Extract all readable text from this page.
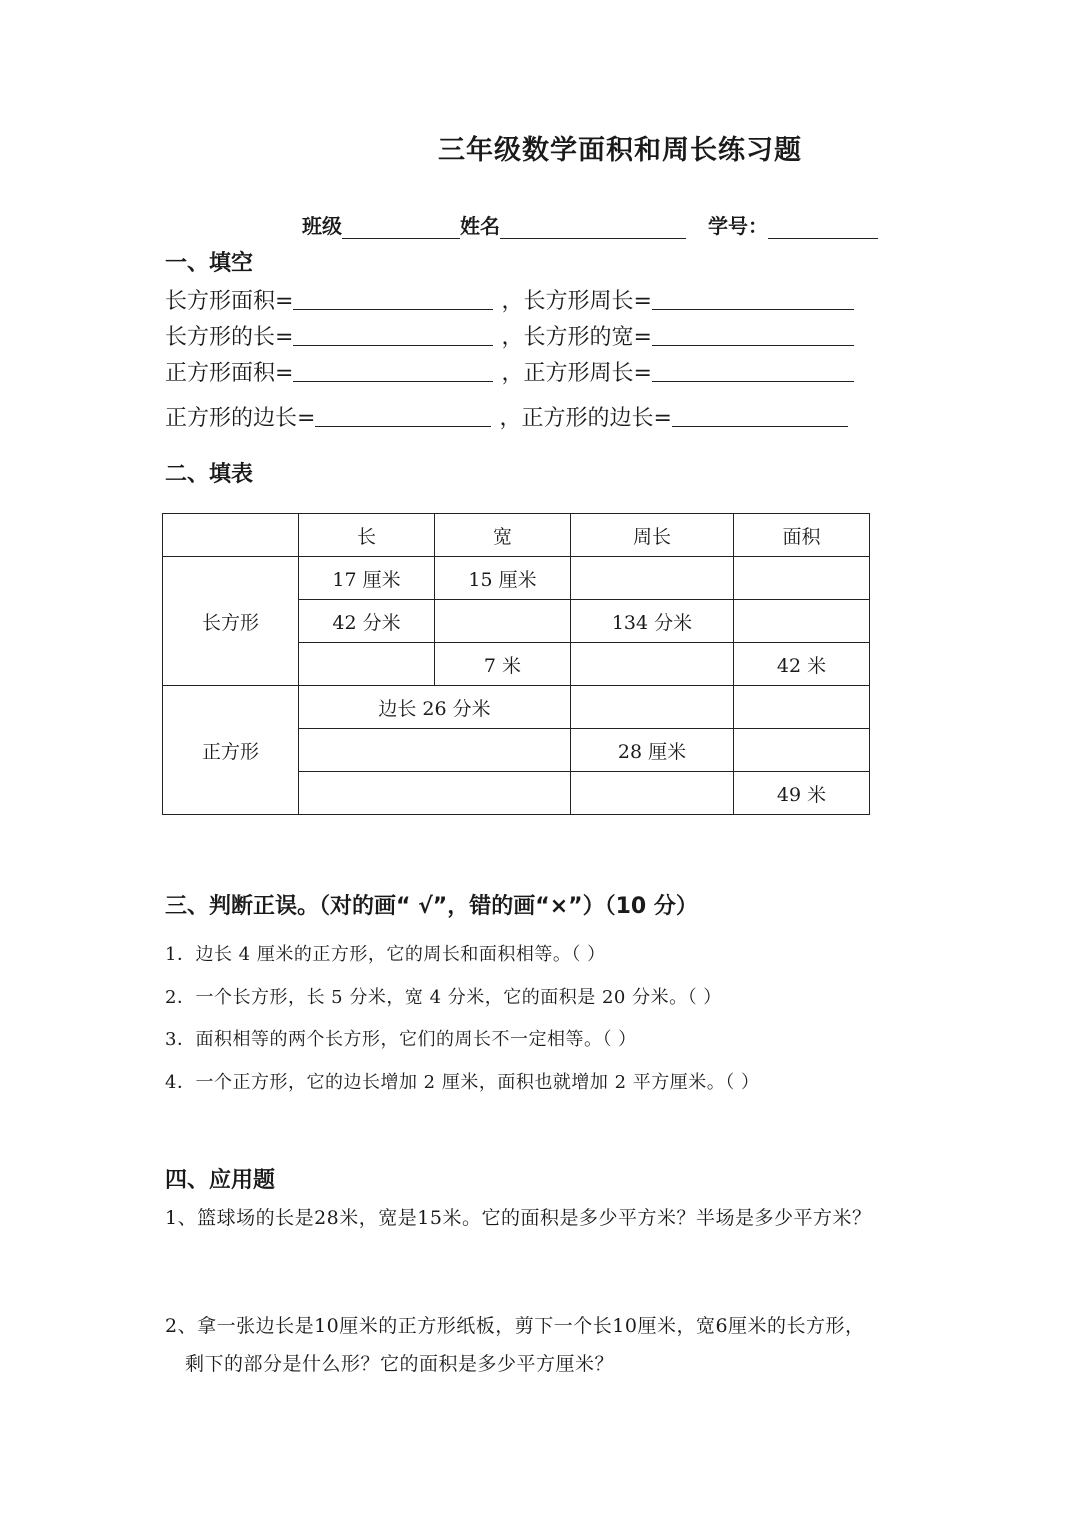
三年级数学面积和周长练习题
班级	姓名	学号：
一、填空
长方形面积=	，长方形周长=
长方形的长=	，长方形的宽=
正方形面积=	，正方形周长=
正方形的边长=	，正方形的边长=
二、填表
	长	宽	周长	面积
长方形	17 厘米	15 厘米		
	42 分米		134 分米	
		7 米		42 米
正方形	边长 26 分米			
			28 厘米	
				49 米
三、判断正误。（对的画“ √”，错的画“×”）（10 分）
1．边长 4 厘米的正方形，它的周长和面积相等。（ ）
2．一个长方形，长 5 分米，宽 4 分米，它的面积是 20 分米。（ ）
3．面积相等的两个长方形，它们的周长不一定相等。（ ）
4．一个正方形，它的边长增加 2 厘米，面积也就增加 2 平方厘米。（ ）
四、应用题
1、篮球场的长是28米，宽是15米。它的面积是多少平方米？半场是多少平方米？
2、拿一张边长是10厘米的正方形纸板，剪下一个长10厘米，宽6厘米的长方形，
剩下的部分是什么形？它的面积是多少平方厘米？
